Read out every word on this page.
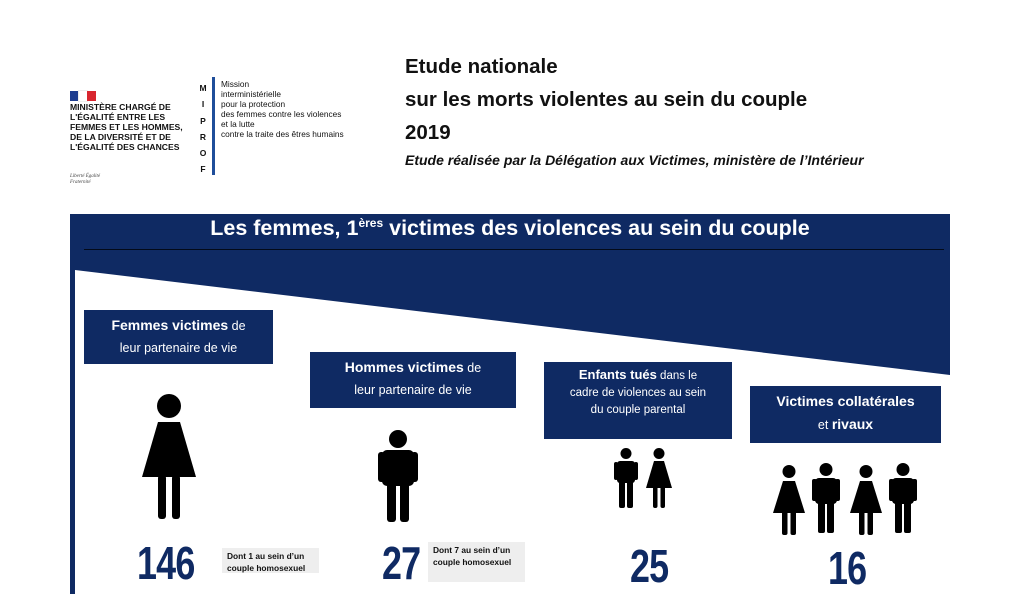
MINISTÈRE CHARGÉ DE L'ÉGALITÉ ENTRE LES FEMMES ET LES HOMMES, DE LA DIVERSITÉ ET DE L'ÉGALITÉ DES CHANCES
Liberté Égalité Fraternité
M
I
P
R
O
F
Mission
interministérielle
pour la protection
des femmes contre les violences
et la lutte
contre la traite des êtres humains
Etude nationale
sur les morts violentes au sein du couple
2019
Etude réalisée par la Délégation aux Victimes, ministère de l’Intérieur
Les femmes, 1ères victimes des violences au sein du couple
Femmes victimes de
leur partenaire de vie
146	Dont 1 au sein d’un couple homosexuel
Hommes victimes de
leur partenaire de vie
27	Dont 7 au sein d’un couple homosexuel
Enfants tués dans le
cadre de violences au sein
du couple parental
25
Victimes collatérales
et rivaux
16
